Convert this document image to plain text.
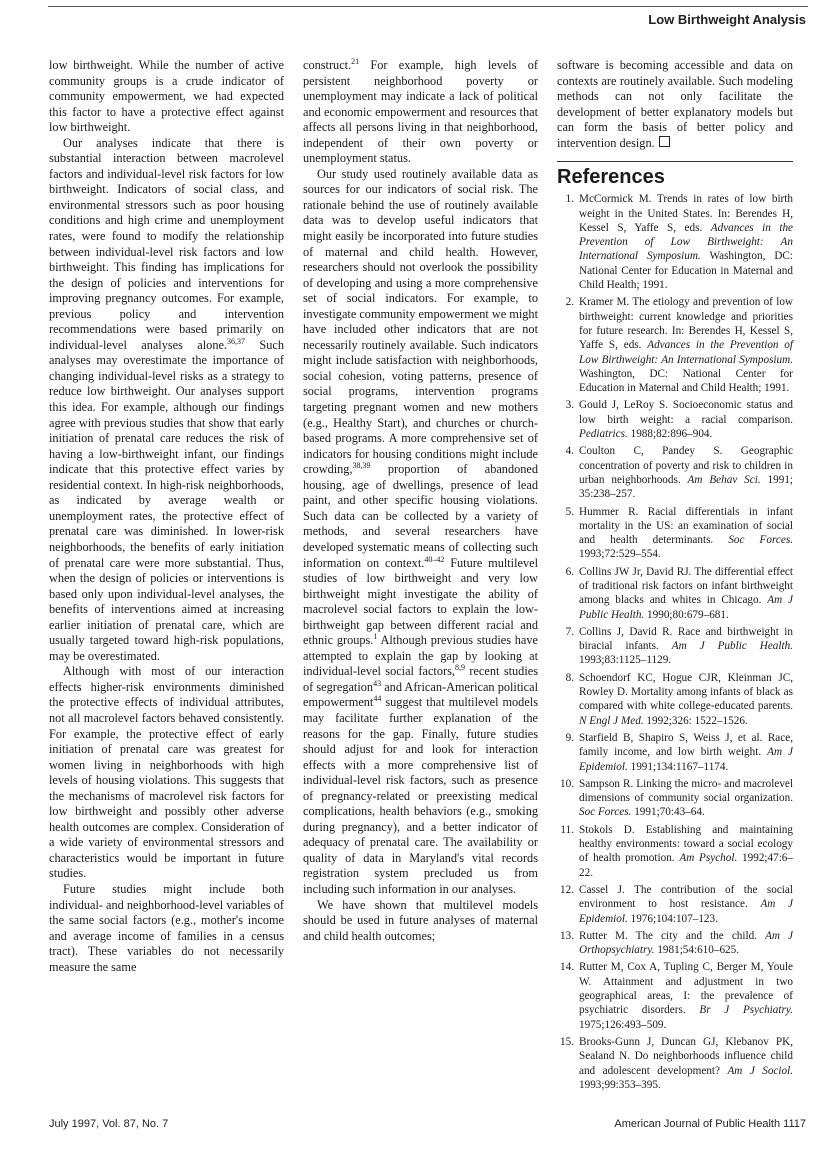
Low Birthweight Analysis

low birthweight. While the number of active community groups is a crude indicator of community empowerment, we had expected this factor to have a protective effect against low birthweight.

Our analyses indicate that there is substantial interaction between macrolevel factors and individual-level risk factors for low birthweight. Indicators of social class, and environmental stressors such as poor housing conditions and high crime and unemployment rates, were found to modify the relationship between individual-level risk factors and low birthweight. This finding has implications for the design of policies and interventions for improving pregnancy outcomes. For example, previous policy and intervention recommendations were based primarily on individual-level analyses alone.$^{36,37}$ Such analyses may overestimate the importance of changing individual-level risks as a strategy to reduce low birthweight. Our analyses support this idea. For example, although our findings agree with previous studies that show that early initiation of prenatal care reduces the risk of having a low-birthweight infant, our findings indicate that this protective effect varies by residential context. In high-risk neighborhoods, as indicated by average wealth or unemployment rates, the protective effect of prenatal care was diminished. In lower-risk neighborhoods, the benefits of early initiation of prenatal care were more substantial. Thus, when the design of policies or interventions is based only upon individual-level analyses, the benefits of interventions aimed at increasing earlier initiation of prenatal care, which are usually targeted toward high-risk populations, may be overestimated.

Although with most of our interaction effects higher-risk environments diminished the protective effects of individual attributes, not all macrolevel factors behaved consistently. For example, the protective effect of early initiation of prenatal care was greatest for women living in neighborhoods with high levels of housing violations. This suggests that the mechanisms of macrolevel risk factors for low birthweight and possibly other adverse health outcomes are complex. Consideration of a wide variety of environmental stressors and characteristics would be important in future studies.

Future studies might include both individual- and neighborhood-level variables of the same social factors (e.g., mother's income and average income of families in a census tract). These variables do not necessarily measure the same

construct.$^{21}$ For example, high levels of persistent neighborhood poverty or unemployment may indicate a lack of political and economic empowerment and resources that affects all persons living in that neighborhood, independent of their own poverty or unemployment status.

Our study used routinely available data as sources for our indicators of social risk. The rationale behind the use of routinely available data was to develop useful indicators that might easily be incorporated into future studies of maternal and child health. However, researchers should not overlook the possibility of developing and using a more comprehensive set of social indicators. For example, to investigate community empowerment we might have included other indicators that are not necessarily routinely available. Such indicators might include satisfaction with neighborhoods, social cohesion, voting patterns, presence of social programs, intervention programs targeting pregnant women and new mothers (e.g., Healthy Start), and churches or church-based programs. A more comprehensive set of indicators for housing conditions might include crowding,$^{38,39}$ proportion of abandoned housing, age of dwellings, presence of lead paint, and other specific housing violations. Such data can be collected by a variety of methods, and several researchers have developed systematic means of collecting such information on context.$^{40-42}$ Future multilevel studies of low birthweight and very low birthweight might investigate the ability of macrolevel social factors to explain the low-birthweight gap between different racial and ethnic groups.$^1$ Although previous studies have attempted to explain the gap by looking at individual-level social factors,$^{8,9}$ recent studies of segregation$^{43}$ and African-American political empowerment$^{44}$ suggest that multilevel models may facilitate further explanation of the reasons for the gap. Finally, future studies should adjust for and look for interaction effects with a more comprehensive list of individual-level risk factors, such as presence of pregnancy-related or preexisting medical complications, health behaviors (e.g., smoking during pregnancy), and a better indicator of adequacy of prenatal care. The availability or quality of data in Maryland's vital records registration system precluded us from including such information in our analyses.

We have shown that multilevel models should be used in future analyses of maternal and child health outcomes;

software is becoming accessible and data on contexts are routinely available. Such modeling methods can not only facilitate the development of better explanatory models but can form the basis of better policy and intervention design.

References
1. McCormick M. Trends in rates of low birth weight in the United States. In: Berendes H, Kessel S, Yaffe S, eds. Advances in the Prevention of Low Birthweight: An International Symposium. Washington, DC: National Center for Education in Maternal and Child Health; 1991.
2. Kramer M. The etiology and prevention of low birthweight: current knowledge and priorities for future research. In: Berendes H, Kessel S, Yaffe S, eds. Advances in the Prevention of Low Birthweight: An International Symposium. Washington, DC: National Center for Education in Maternal and Child Health; 1991.
3. Gould J, LeRoy S. Socioeconomic status and low birth weight: a racial comparison. Pediatrics. 1988;82:896–904.
4. Coulton C, Pandey S. Geographic concentration of poverty and risk to children in urban neighborhoods. Am Behav Sci. 1991; 35:238–257.
5. Hummer R. Racial differentials in infant mortality in the US: an examination of social and health determinants. Soc Forces. 1993;72:529–554.
6. Collins JW Jr, David RJ. The differential effect of traditional risk factors on infant birthweight among blacks and whites in Chicago. Am J Public Health. 1990;80:679–681.
7. Collins J, David R. Race and birthweight in biracial infants. Am J Public Health. 1993;83:1125–1129.
8. Schoendorf KC, Hogue CJR, Kleinman JC, Rowley D. Mortality among infants of black as compared with white college-educated parents. N Engl J Med. 1992;326: 1522–1526.
9. Starfield B, Shapiro S, Weiss J, et al. Race, family income, and low birth weight. Am J Epidemiol. 1991;134:1167–1174.
10. Sampson R. Linking the micro- and macrolevel dimensions of community social organization. Soc Forces. 1991;70:43–64.
11. Stokols D. Establishing and maintaining healthy environments: toward a social ecology of health promotion. Am Psychol. 1992;47:6–22.
12. Cassel J. The contribution of the social environment to host resistance. Am J Epidemiol. 1976;104:107–123.
13. Rutter M. The city and the child. Am J Orthopsychiatry. 1981;54:610–625.
14. Rutter M, Cox A, Tupling C, Berger M, Youle W. Attainment and adjustment in two geographical areas, I: the prevalence of psychiatric disorders. Br J Psychiatry. 1975;126:493–509.
15. Brooks-Gunn J, Duncan GJ, Klebanov PK, Sealand N. Do neighborhoods influence child and adolescent development? Am J Sociol. 1993;99:353–395.
July 1997, Vol. 87, No. 7	American Journal of Public Health 1117
